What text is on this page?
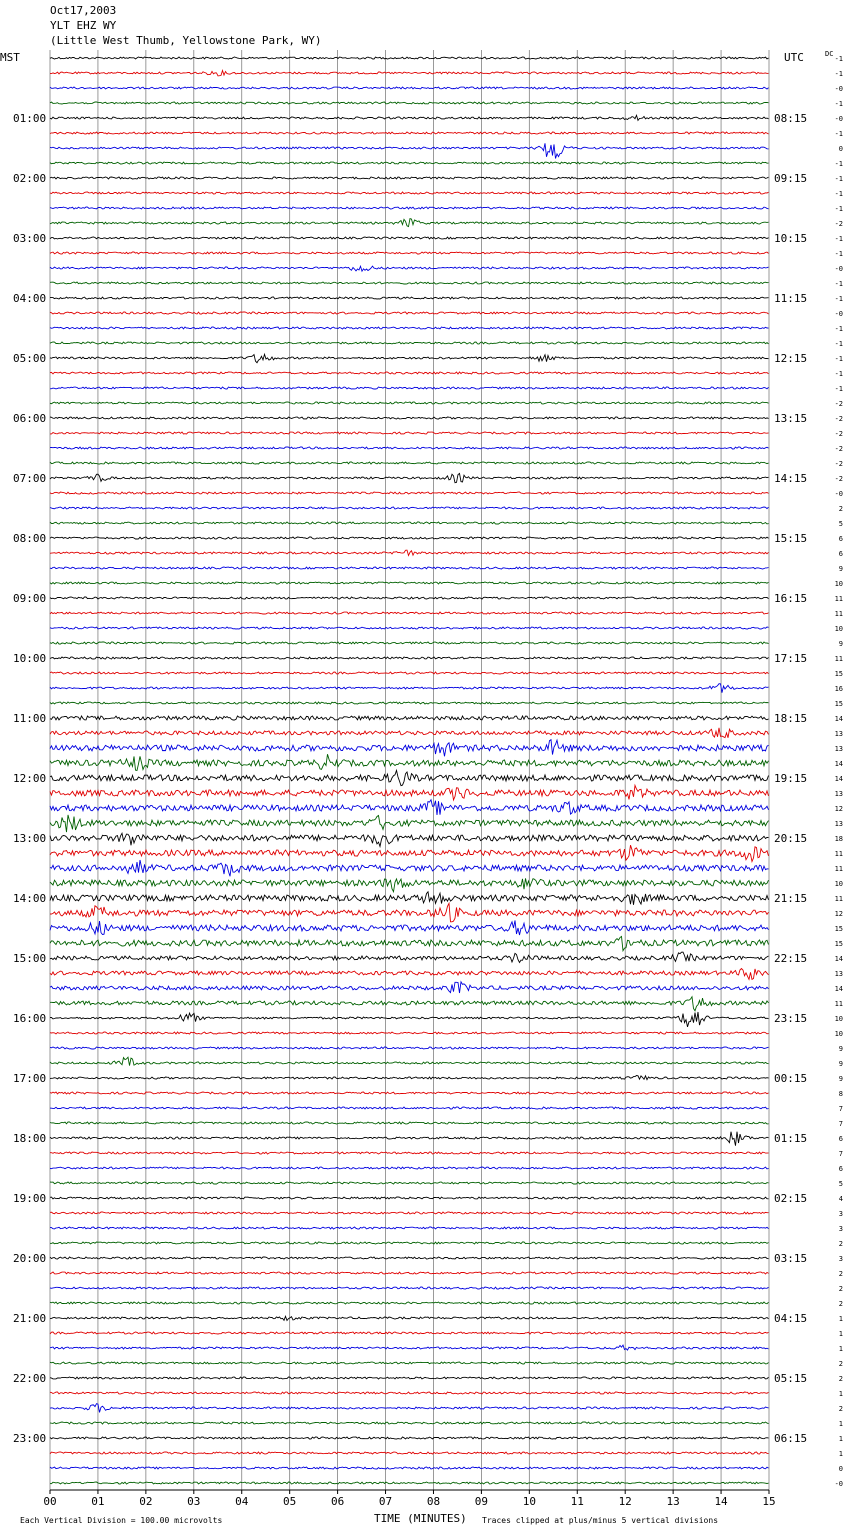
01:00
02:00
03:00
04:00
05:00
06:00
07:00
08:00
09:00
10:00
11:00
12:00
13:00
14:00
15:00
16:00
17:00
18:00
19:00
20:00
21:00
22:00
23:00
08:15
09:15
10:15
11:15
12:15
13:15
14:15
15:15
16:15
17:15
18:15
19:15
20:15
21:15
22:15
23:15
00:15
01:15
02:15
03:15
04:15
05:15
06:15
-1
-1
-0
-1
-0
-1
0
-1
-1
-1
-1
-2
-1
-1
-0
-1
-1
-0
-1
-1
-1
-1
-1
-2
-2
-2
-2
-2
-2
-0
2
5
6
6
9
10
11
11
10
9
11
15
16
15
14
13
13
14
14
13
12
13
18
11
11
10
11
12
15
15
14
13
14
11
10
10
9
9
9
8
7
7
6
7
6
5
4
3
3
2
3
2
2
2
1
1
1
2
2
1
2
1
1
1
0
-0
00	01	02	03	04	05	06	07	08	09	10	11	12	13	14	15
MST	UTC	DC
TIME (MINUTES)
Each Vertical Division = 100.00 microvolts	Traces clipped at plus/minus 5 vertical divisions
Oct17,2003
YLT EHZ WY
(Little West Thumb, Yellowstone Park, WY)
